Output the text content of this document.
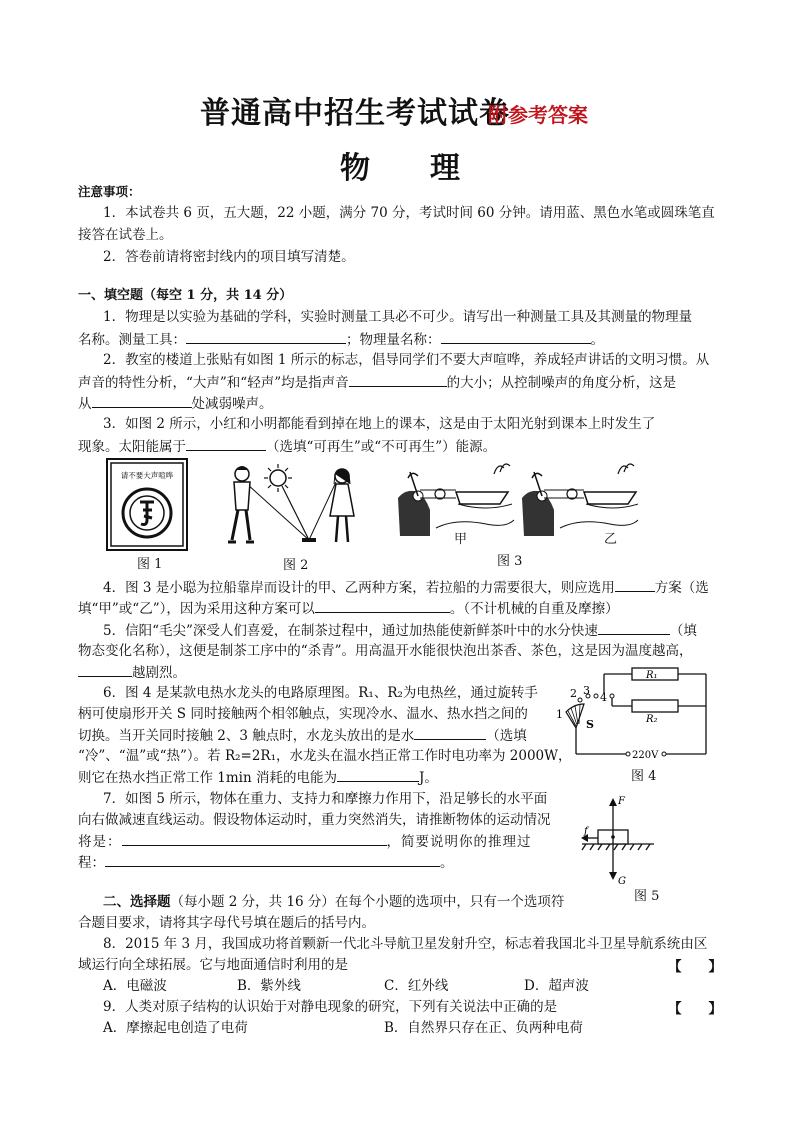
普通高中招生考试试卷
附参考答案
物理
注意事项：
1．本试卷共 6 页，五大题，22 小题，满分 70 分，考试时间 60 分钟。请用蓝、黑色水笔或圆珠笔直
接答在试卷上。
2．答卷前请将密封线内的项目填写清楚。
一、填空题（每空 1 分，共 14 分）
1．物理是以实验为基础的学科，实验时测量工具必不可少。请写出一种测量工具及其测量的物理量
名称。测量工具：	；物理量名称：	。
2．教室的楼道上张贴有如图 1 所示的标志，倡导同学们不要大声喧哗，养成轻声讲话的文明习惯。从
声音的特性分析，“大声”和“轻声”均是指声音	的大小；从控制噪声的角度分析，这是
从	处减弱噪声。
3．如图 2 所示，小红和小明都能看到掉在地上的课本，这是由于太阳光射到课本上时发生了
现象。太阳能属于	（选填“可再生”或“不可再生”）能源。
请不要大声喧哗
图 1	图 2
甲	乙
图 3
4．图 3 是小聪为拉船靠岸而设计的甲、乙两种方案，若拉船的力需要很大，则应选用	方案（选
填“甲”或“乙”），因为采用这种方案可以	。（不计机械的自重及摩擦）
5．信阳“毛尖”深受人们喜爱，在制茶过程中，通过加热能使新鲜茶叶中的水分快速	（填
物态变化名称），这便是制茶工序中的“杀青”。用高温开水能很快泡出茶香、茶色，这是因为温度越高，
越剧烈。
6．图 4 是某款电热水龙头的电路原理图。R₁、R₂为电热丝，通过旋转手
柄可使扇形开关 S 同时接触两个相邻触点，实现冷水、温水、热水挡之间的
切换。当开关同时接触 2、3 触点时，水龙头放出的是水	（选填
“冷”、“温”或“热”）。若 R₂=2R₁，水龙头在温水挡正常工作时电功率为 2000W，
则它在热水挡正常工作 1min 消耗的电能为	J。
R₁
R₂
S
1
2 3
4
220V
图 4
7．如图 5 所示，物体在重力、支持力和摩擦力作用下，沿足够长的水平面
向右做减速直线运动。假设物体运动时，重力突然消失，请推断物体的运动情况
将是：	，简要说明你的推理过
程：	。
F
f
G
图 5
二、选择题（每小题 2 分，共 16 分）在每个小题的选项中，只有一个选项符
合题目要求，请将其字母代号填在题后的括号内。
8．2015 年 3 月，我国成功将首颗新一代北斗导航卫星发射升空，标志着我国北斗卫星导航系统由区
域运行向全球拓展。它与地面通信时利用的是	【　　】
A．电磁波	B．紫外线	C．红外线	D．超声波
9．人类对原子结构的认识始于对静电现象的研究，下列有关说法中正确的是	【　　】
A．摩擦起电创造了电荷	B．自然界只存在正、负两种电荷
